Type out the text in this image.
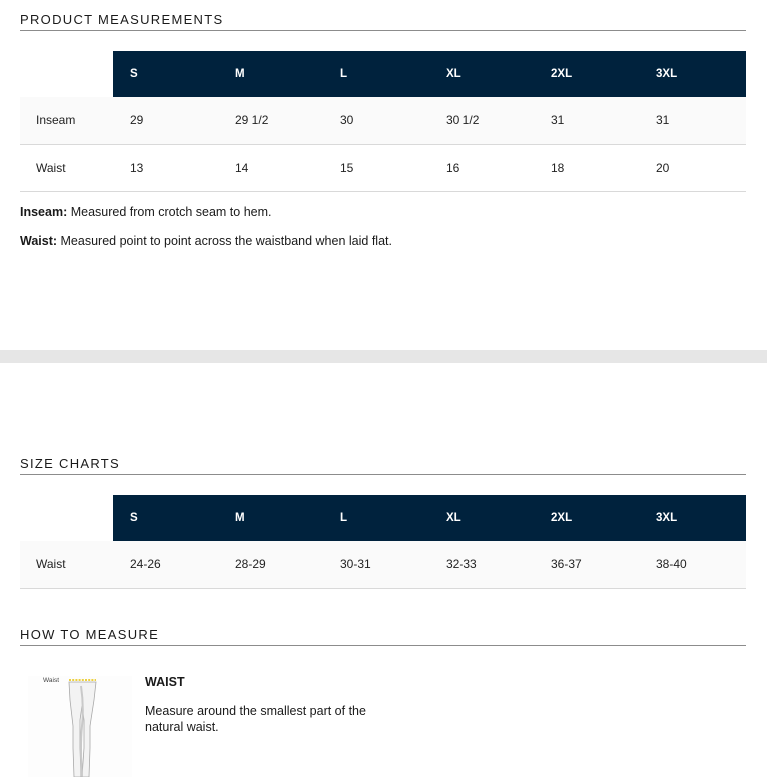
PRODUCT MEASUREMENTS
	S	M	L	XL	2XL	3XL
Inseam	29	29 1/2	30	30 1/2	31	31
Waist	13	14	15	16	18	20
Inseam: Measured from crotch seam to hem.
Waist: Measured point to point across the waistband when laid flat.
SIZE CHARTS
	S	M	L	XL	2XL	3XL
Waist	24-26	28-29	30-31	32-33	36-37	38-40
HOW TO MEASURE
Waist	WAIST
Measure around the smallest part of the natural waist.
